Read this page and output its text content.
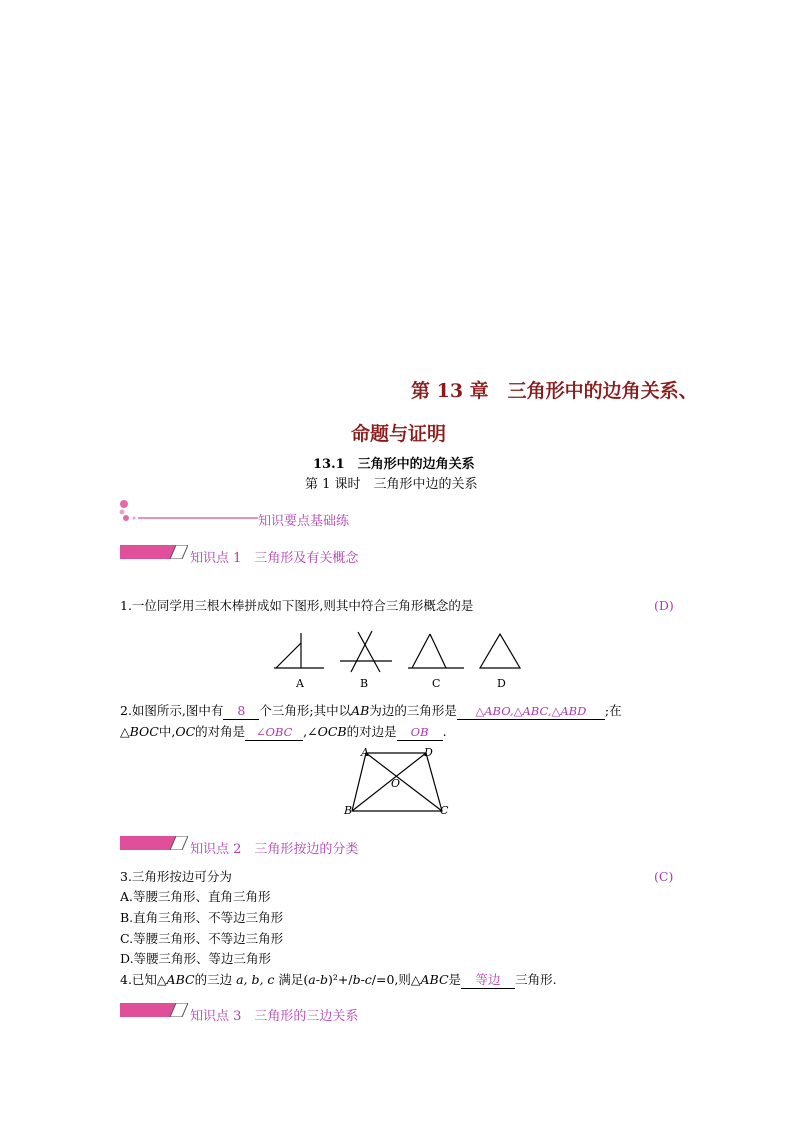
第 13 章　三角形中的边角关系、
命题与证明
13.1　三角形中的边角关系
第 1 课时　三角形中边的关系
知识要点基础练
知识点 1　三角形及有关概念
1.一位同学用三根木棒拼成如下图形,则其中符合三角形概念的是	(D)
A	B	C	D
2.如图所示,图中有 8 个三角形;其中以AB为边的三角形是 △ABO,△ABC,△ABD ;在
△BOC中,OC的对角是 ∠OBC ,∠OCB的对边是 OB .
A	D
O
B	C
知识点 2　三角形按边的分类
3.三角形按边可分为	(C)
A.等腰三角形、直角三角形
B.直角三角形、不等边三角形
C.等腰三角形、不等边三角形
D.等腰三角形、等边三角形
4.已知△ABC的三边 a, b, c 满足(a-b)²+/b-c/=0,则△ABC是 等边 三角形.
知识点 3　三角形的三边关系
